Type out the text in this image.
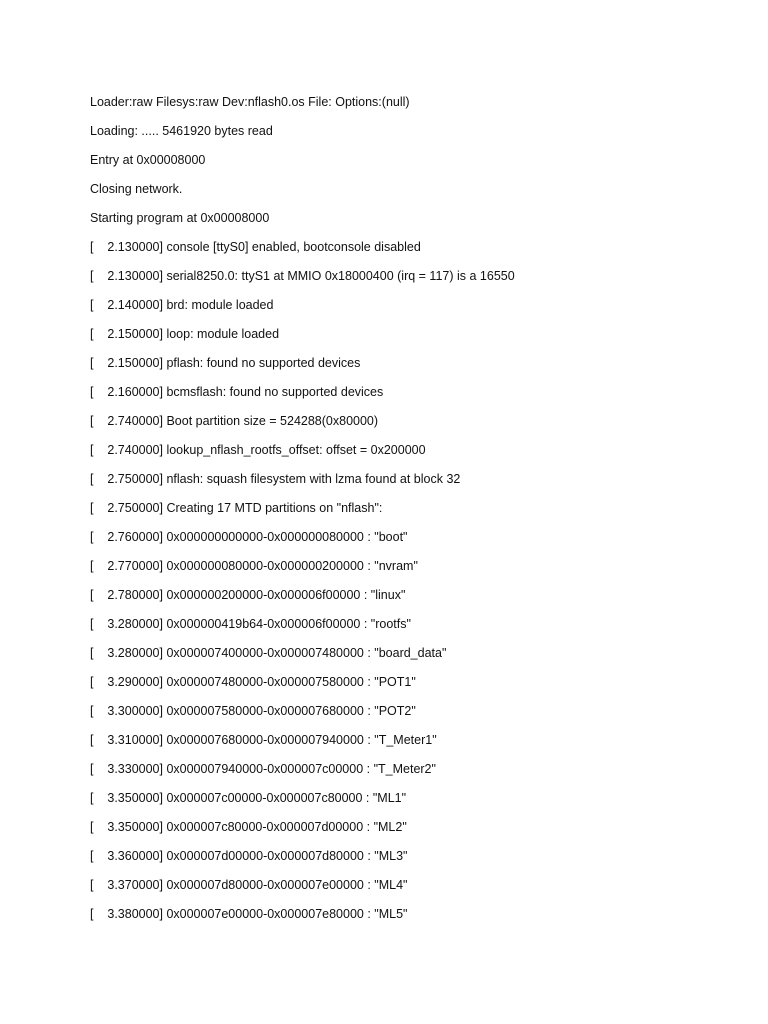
Loader:raw Filesys:raw Dev:nflash0.os File: Options:(null)
Loading: ..... 5461920 bytes read
Entry at 0x00008000
Closing network.
Starting program at 0x00008000
[    2.130000] console [ttyS0] enabled, bootconsole disabled
[    2.130000] serial8250.0: ttyS1 at MMIO 0x18000400 (irq = 117) is a 16550
[    2.140000] brd: module loaded
[    2.150000] loop: module loaded
[    2.150000] pflash: found no supported devices
[    2.160000] bcmsflash: found no supported devices
[    2.740000] Boot partition size = 524288(0x80000)
[    2.740000] lookup_nflash_rootfs_offset: offset = 0x200000
[    2.750000] nflash: squash filesystem with lzma found at block 32
[    2.750000] Creating 17 MTD partitions on "nflash":
[    2.760000] 0x000000000000-0x000000080000 : "boot"
[    2.770000] 0x000000080000-0x000000200000 : "nvram"
[    2.780000] 0x000000200000-0x000006f00000 : "linux"
[    3.280000] 0x000000419b64-0x000006f00000 : "rootfs"
[    3.280000] 0x000007400000-0x000007480000 : "board_data"
[    3.290000] 0x000007480000-0x000007580000 : "POT1"
[    3.300000] 0x000007580000-0x000007680000 : "POT2"
[    3.310000] 0x000007680000-0x000007940000 : "T_Meter1"
[    3.330000] 0x000007940000-0x000007c00000 : "T_Meter2"
[    3.350000] 0x000007c00000-0x000007c80000 : "ML1"
[    3.350000] 0x000007c80000-0x000007d00000 : "ML2"
[    3.360000] 0x000007d00000-0x000007d80000 : "ML3"
[    3.370000] 0x000007d80000-0x000007e00000 : "ML4"
[    3.380000] 0x000007e00000-0x000007e80000 : "ML5"
